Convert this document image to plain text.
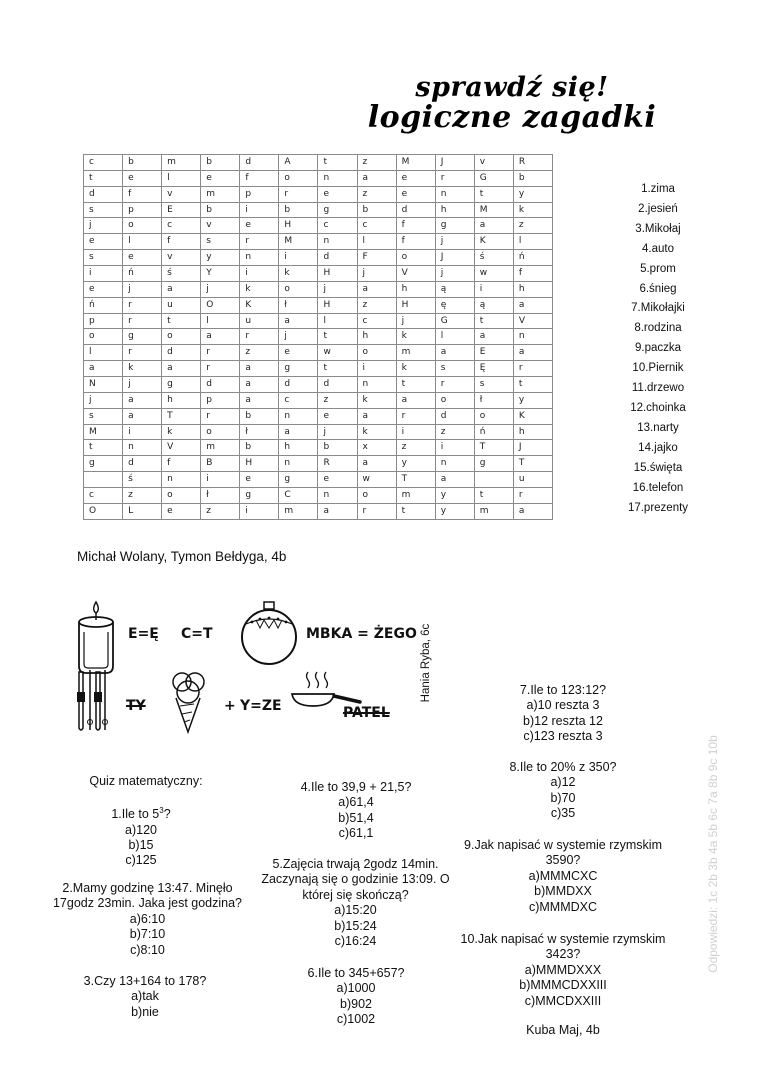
sprawdź się!
logiczne zagadki
c	b	m	b	d	A	t	z	M	J	v	R
t	e	l	e	f	o	n	a	e	r	G	b
d	f	v	m	p	r	e	z	e	n	t	y
s	p	E	b	i	b	g	b	d	h	M	k
j	o	c	v	e	H	c	c	f	g	a	z
e	l	f	s	r	M	n	l	f	j	K	l
s	e	v	y	n	i	d	F	o	J	ś	ń
i	ń	ś	Y	i	k	H	j	V	j	w	f
e	j	a	j	k	o	j	a	h	ą	i	h
ń	r	u	O	K	ł	H	z	H	ę	ą	a
p	r	t	l	u	a	l	c	j	G	t	V
o	g	o	a	r	j	t	h	k	l	a	n
l	r	d	r	z	e	w	o	m	a	E	a
a	k	a	r	a	g	t	i	k	s	Ę	r
N	j	g	d	a	d	d	n	t	r	s	t
j	a	h	p	a	c	z	k	a	o	ł	y
s	a	T	r	b	n	e	a	r	d	o	K
M	i	k	o	ł	a	j	k	i	z	ń	h
t	n	V	m	b	h	b	x	z	i	T	J
g	d	f	B	H	n	R	a	y	n	g	T
	ś	n	i	e	g	e	w	T	a		u
c	z	o	ł	g	C	n	o	m	y	t	r
O	L	e	z	i	m	a	r	t	y	m	a
1.zima
2.jesień
3.Mikołaj
4.auto
5.prom
6.śnieg
7.Mikołajki
8.rodzina
9.paczka
10.Piernik
11.drzewo
12.choinka
13.narty
14.jajko
15.święta
16.telefon
17.prezenty
Michał Wolany, Tymon Bełdyga, 4b
E=Ę C=T	MBKA = ŻEGO
TY	+ Y=ZE	PATEL
Hania Ryba, 6c
Quiz matematyczny:
1.Ile to $5^3$?
a)120
b)15
c)125
2.Mamy godzinę 13:47. Minęło
17godz 23min. Jaka jest godzina?
a)6:10
b)7:10
c)8:10
3.Czy 13+164 to 178?
a)tak
b)nie
4.Ile to 39,9 + 21,5?
a)61,4
b)51,4
c)61,1
5.Zajęcia trwają 2godz 14min.
Zaczynają się o godzinie 13:09. O
której się skończą?
a)15:20
b)15:24
c)16:24
6.Ile to 345+657?
a)1000
b)902
c)1002
7.Ile to 123:12?
a)10 reszta 3
b)12 reszta 12
c)123 reszta 3
8.Ile to 20% z 350?
a)12
b)70
c)35
9.Jak napisać w systemie rzymskim
3590?
a)MMMCXC
b)MMDXX
c)MMMDXC
10.Jak napisać w systemie rzymskim
3423?
a)MMMDXXX
b)MMMCDXXIII
c)MMCDXXIII
Kuba Maj, 4b
Odpowiedzi: 1c 2b 3b 4a 5b 6c 7a 8b 9c 10b
